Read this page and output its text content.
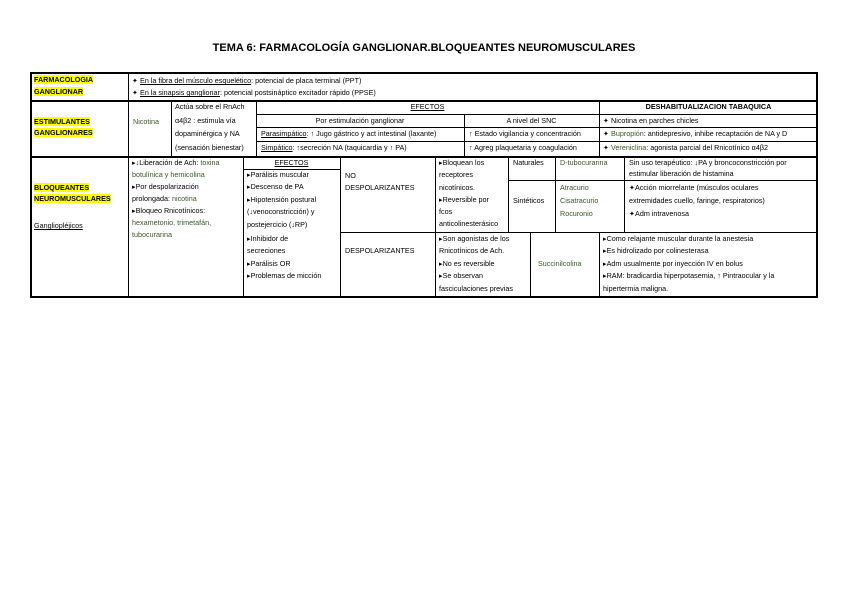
TEMA 6: FARMACOLOGÍA GANGLIONAR.BLOQUEANTES NEUROMUSCULARES
FARMACOLOGIA
GANGLIONAR
✦ En la fibra del músculo esquelético: potencial de placa terminal (PPT)
✦ En la sinapsis ganglionar: potencial postsináptico excitador rápido (PPSE)
ESTIMULANTES
GANGLIONARES
Nicotina
Actúa sobre el RnAch
α4β2 : estimula vía
dopaminérgica y NA
(sensación bienestar)
EFECTOS
Por estimulación ganglionar	A nivel del SNC
Parasimpático: ↑ Jugo gástrico y act intestinal (laxante)
Simpático: ↑secreción NA (taquicardia y ↑ PA)
↑ Estado vigilancia y concentración
↑ Agreg plaquetaria y coagulación
DESHABITUALIZACION TABAQUICA
✦ Nicotina en parches chicles
✦ Bupropión: antidepresivo, inhibe recaptación de NA y D
✦ Vereniclina: agonista parcial del Rnicotínico α4β2
BLOQUEANTES
NEUROMUSCULARES
Gangliopléjicos
▸↓Liberación de Ach: toxina
botulínica y hemicolina
▸Por despolarización
prolongada: nicotina
▸Bloqueo Rnicotínicos:
hexametonio, trimetafán,
tubocurarina
EFECTOS
▸Parálisis muscular
▸Descenso de PA
▸Hipotensión postural
(↓venoconstricción) y
postejercicio (↓RP)
▸Inhibidor de
secreciones
▸Parálisis OR
▸Problemas de micción
NO
DESPOLARIZANTES
▸Bloquean los
receptores
nicotínicos.
▸Reversible por
fcos
anticolinesterásico
Naturales D-tubocurarina	Sin uso terapéutico: ↓PA y broncoconstricción por
estimular liberación de histamina
Sintéticos
Atracurio
Cisatracurio
Rocuronio
✦Acción miorrelante (músculos oculares
extremidades cuello, faringe, respiratorios)
✦Adm intravenosa
DESPOLARIZANTES
▸Son agonistas de los
Rnicotínicos de Ach.
▸No es reversible
▸Se observan
fasciculaciones previas
Succinilcolina
▸Como relajante muscular durante la anestesia
▸Es hidrolizado por colinesterasa
▸Adm usualmente por inyección IV en bolus
▸RAM: bradicardia hiperpotasemia, ↑ Pintraocular y la
hipertermia maligna.
